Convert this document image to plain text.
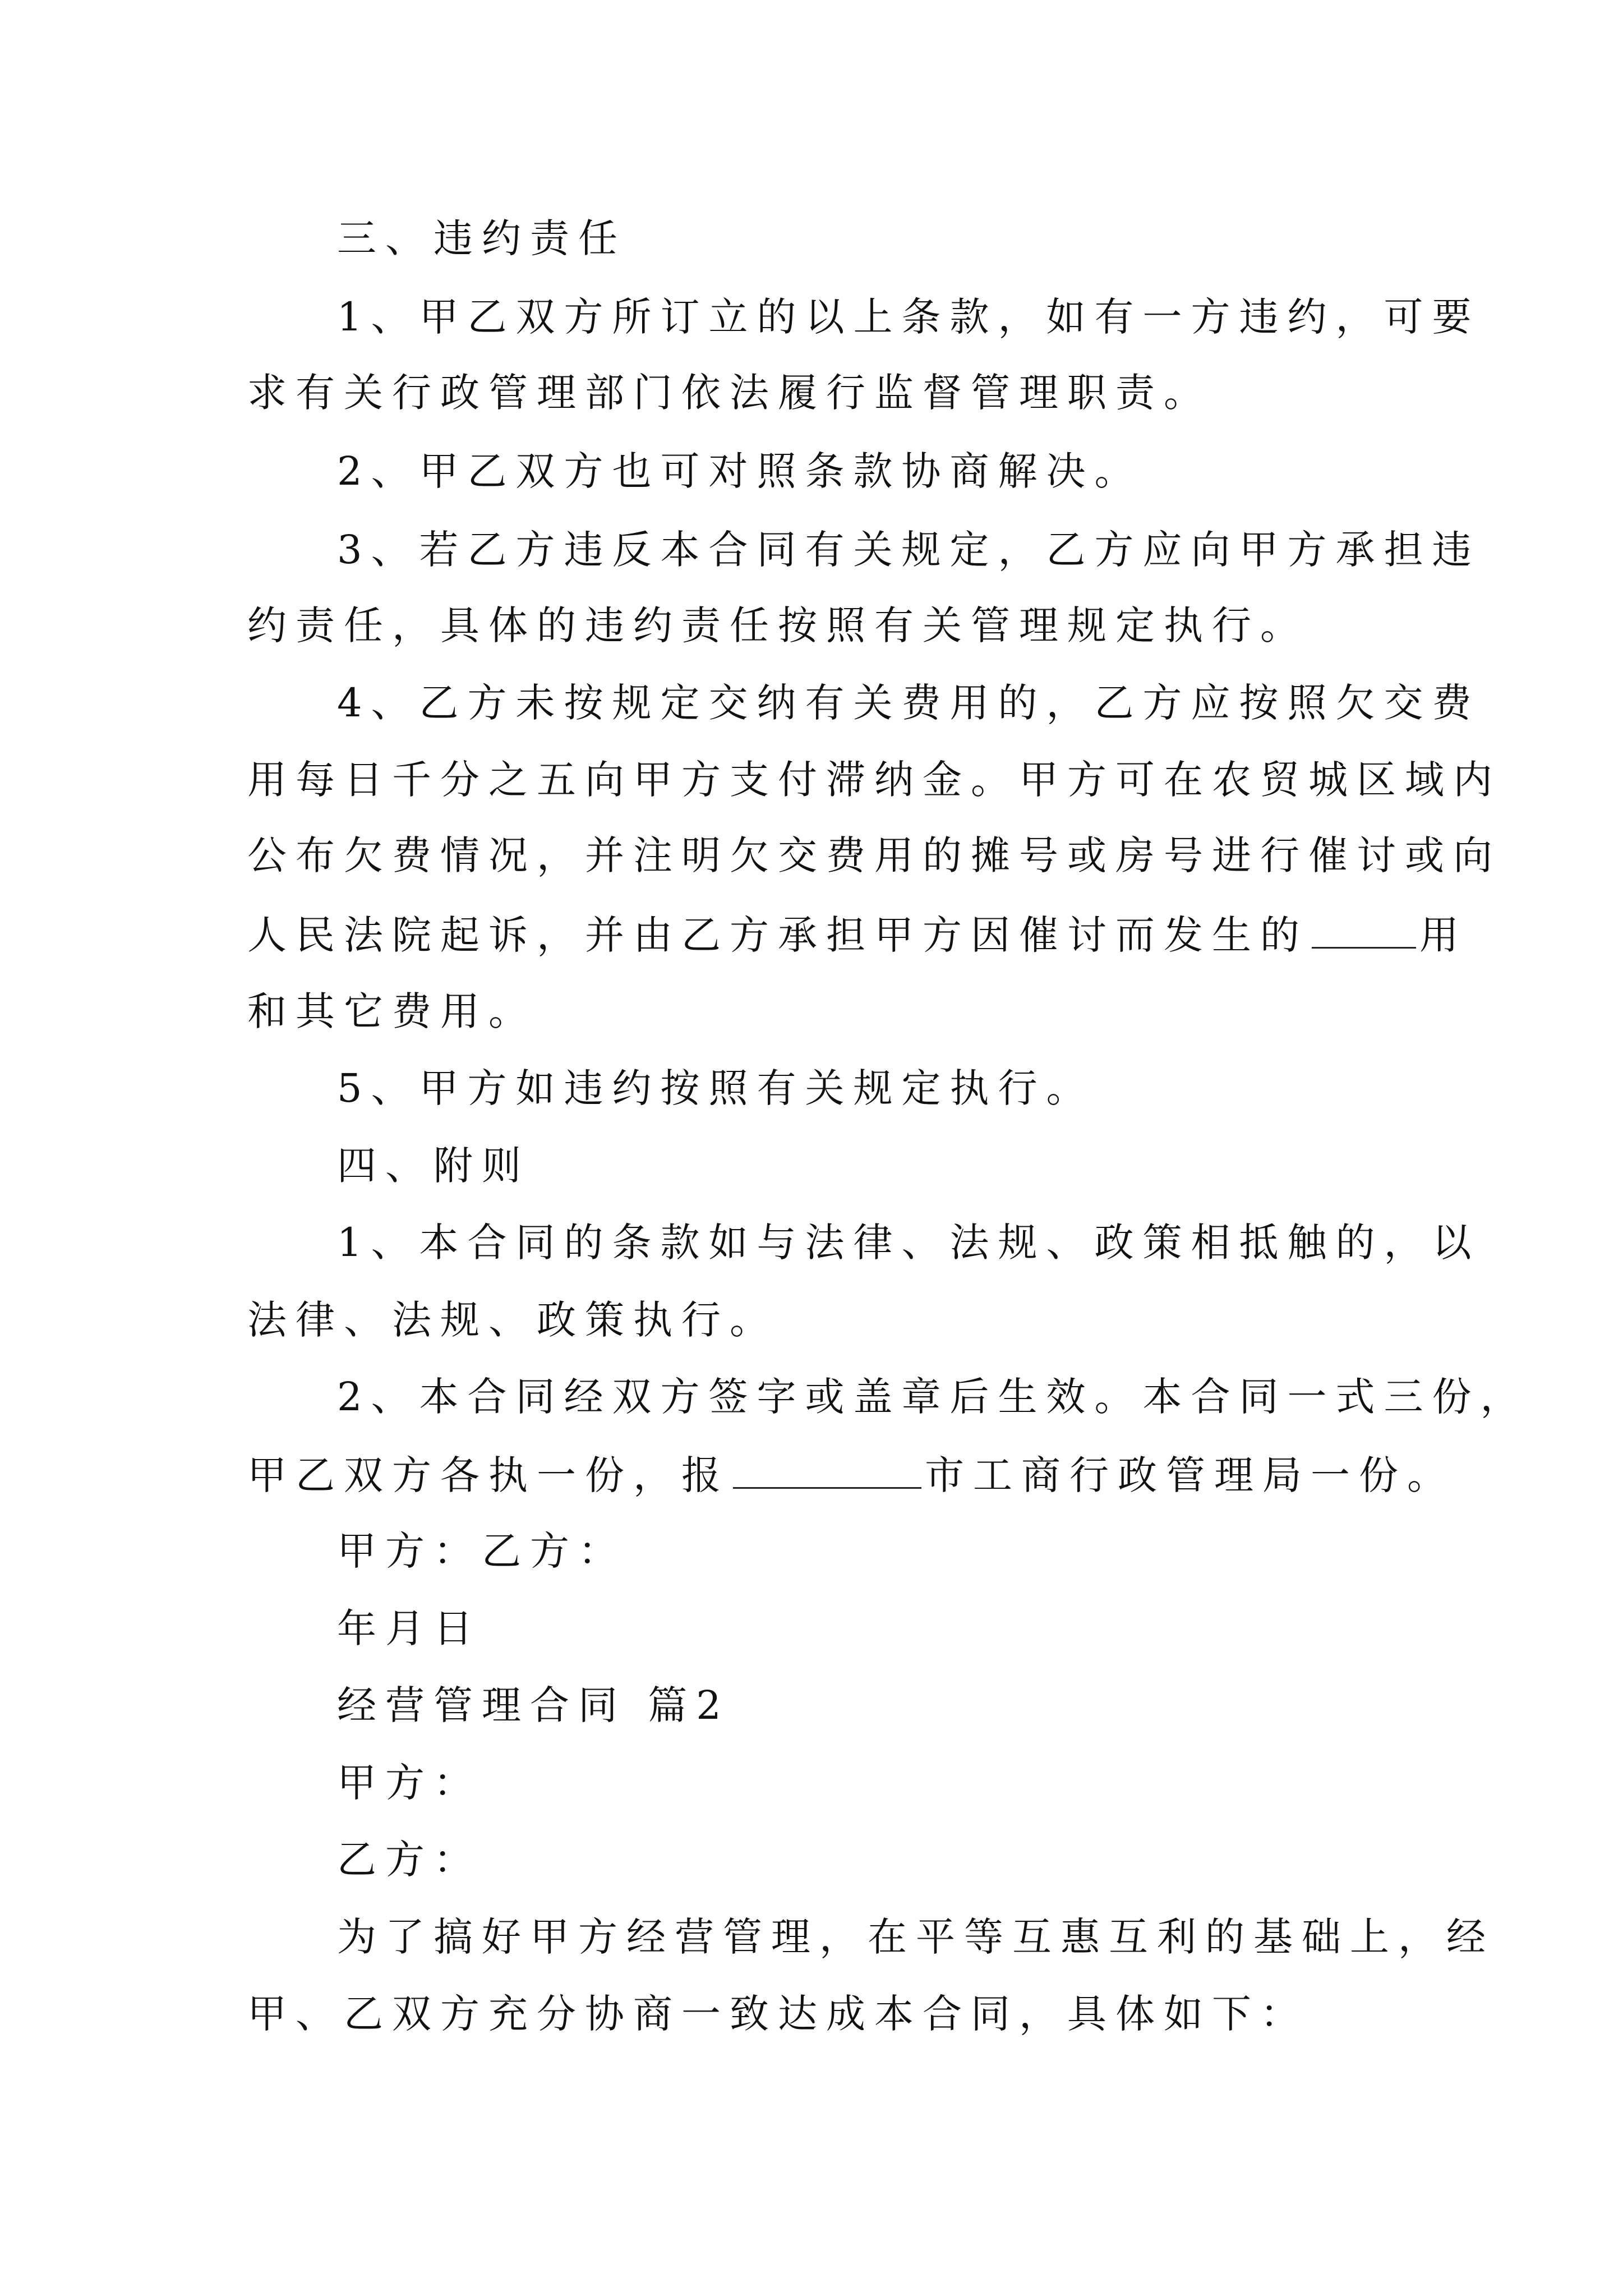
三、违约责任
1、甲乙双方所订立的以上条款，如有一方违约，可要
求有关行政管理部门依法履行监督管理职责。
2、甲乙双方也可对照条款协商解决。
3、若乙方违反本合同有关规定，乙方应向甲方承担违
约责任，具体的违约责任按照有关管理规定执行。
4、乙方未按规定交纳有关费用的，乙方应按照欠交费
用每日千分之五向甲方支付滞纳金。甲方可在农贸城区域内
公布欠费情况，并注明欠交费用的摊号或房号进行催讨或向
人民法院起诉，并由乙方承担甲方因催讨而发生的	用
和其它费用。
5、甲方如违约按照有关规定执行。
四、附则
1、本合同的条款如与法律、法规、政策相抵触的，以
法律、法规、政策执行。
2、本合同经双方签字或盖章后生效。本合同一式三份，
甲乙双方各执一份，报	市工商行政管理局一份。
甲方：乙方：
年月日
经营管理合同 篇2
甲方：
乙方：
为了搞好甲方经营管理，在平等互惠互利的基础上，经
甲、乙双方充分协商一致达成本合同，具体如下：
